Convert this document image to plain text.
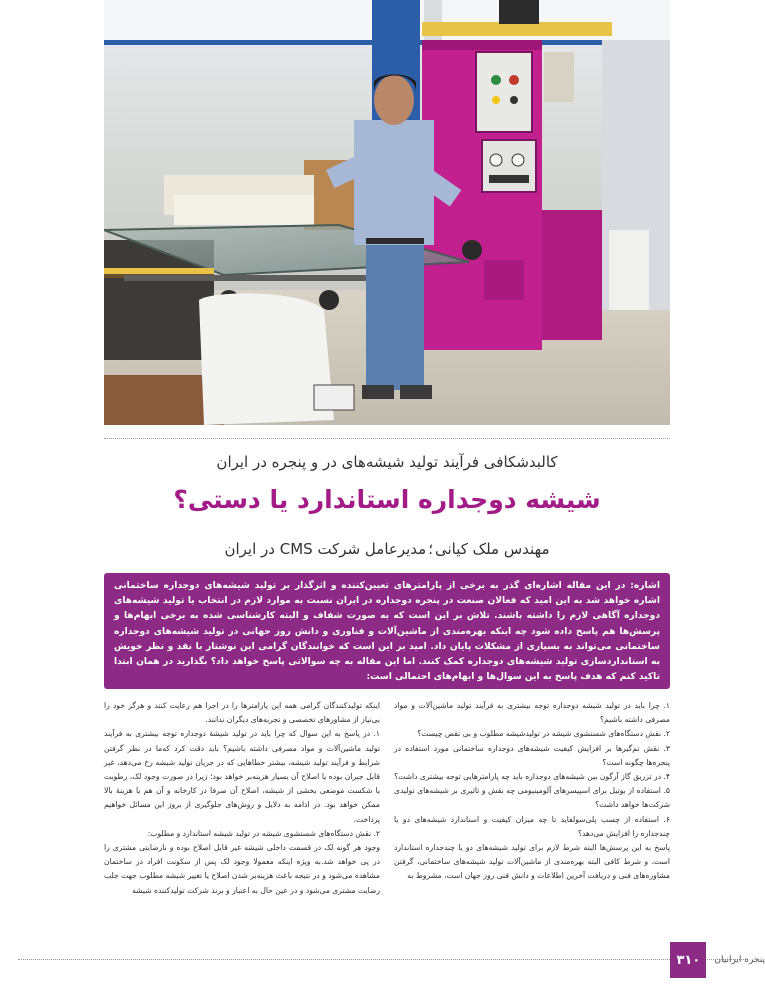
کالبدشکافی فرآیند تولید شیشه‌های در و پنجره در ایران
شیشه دوجداره استاندارد یا دستی؟
مهندس ملک کیانی؛مدیرعامل شرکت CMS در ایران

اشاره: در این مقاله اشاره‌ای گذر به برخی از پارامترهای تعیین‌کننده و اثرگذار بر تولید شیشه‌های دوجداره ساختمانی اشاره خواهد شد به این امید که فعالان صنعت در پنجره دوجداره در ایران نسبت به موارد لازم در انتخاب یا تولید شیشه‌های دوجداره آگاهی لازم را داشته باشند. تلاش بر این است که به صورت شفاف و البته کارشناسی شده به برخی ابهام‌ها و پرسش‌ها هم پاسخ داده شود چه اینکه بهره‌مندی از ماشین‌آلات و فناوری و دانش روز جهانی در تولید شیشه‌های دوجداره ساختمانی می‌تواند به بسیاری از مشکلات پایان داد. امید بر این است که خوانندگان گرامی این نوشتار با نقد و نظر خویش به استانداردسازی تولید شیشه‌های دوجداره کمک کنند. اما این مقاله به چه سوالاتی پاسخ خواهد داد؟ بگذارید در همان ابتدا تاکید کنم که هدف پاسخ به این سوال‌ها و ابهام‌های احتمالی است:

۱. چرا باید در تولید شیشه دوجداره توجه بیشتری به فرآیند تولید ماشین‌آلات و مواد مصرفی داشته باشیم؟

۲. نقش دستگاه‌های شستشوی شیشه در تولیدشیشه مطلوب و بی نقص چیست؟

۳. نقش تم‌گیرها بر افزایش کیفیت شیشه‌های دوجداره ساختمانی مورد استفاده در پنجره‌ها چگونه است؟

۴. در تزریق گاز آرگون بین شیشه‌های دوجداره باید چه پارامترهایی توجه بیشتری داشت؟

۵. استفاده از بوتیل برای اسپیسرهای آلومینیومی چه نقش و تاثیری بر شیشه‌های تولیدی شرکت‌ها خواهد داشت؟

۶. استفاده از چسب پلی‌سولفاید تا چه میزان کیفیت و استاندارد شیشه‌های دو یا چندجداره را افزایش می‌دهد؟

پاسخ به این پرسش‌ها البته شرط لازم برای تولید شیشه‌های دو یا چندجداره استاندارد است، و شرط کافی البته بهره‌مندی از ماشین‌آلات تولید شیشه‌های ساختمانی، گرفتن مشاوره‌های فنی و دریافت آخرین اطلاعات و دانش فنی روز جهان است، مشروط به

اینکه تولیدکنندگان گرامی همه این پارامترها را در اجرا هم رعایت کنند و هرگز خود را بی‌نیاز از مشاورهای تخصصی و تجربه‌های دیگران ندانند.

۱. در پاسخ به این سوال که چرا باید در تولید شیشهٔ دوجداره توجه بیشتری به فرآیند تولید ماشین‌آلات و مواد مصرفی داشته باشیم؟ باید دقت کرد که‌ما در نظر گرفتن شرایط و فرآیند تولید شیشه، بیشتر خطاهایی که در جریان تولید شیشه رخ می‌دهد، غیر قابل جبران بوده یا اصلاح آن بسیار هزینه‌بر خواهد بود؛ زیرا در صورت وجود لک، رطوبت یا شکست موضعی بخشی از شیشه، اصلاح آن صرفا در کارخانه و آن هم با هزینهٔ بالا ممکن خواهد بود. در ادامه به دلایل و روش‌های جلوگیری از بروز این مسائل خواهیم پرداخت.

۲. نقش دستگاه‌های شستشوی شیشه در تولید شیشه استاندارد و مطلوب:

وجود هر گونه لک در قسمت داخلی شیشه غیر قابل اصلاح بوده و نارضایتی مشتری را در پی خواهد شد.به ویژه اینکه معمولا وجود لک پس از سکونت افراد در ساختمان مشاهده می‌شود و در نتیجه باعث هزینه‌بر شدن اصلاح یا تغییر شیشه مطلوب جهت جلب رضایت مشتری می‌شود و در عین حال به اعتبار و برند شرکت تولیدکننده شیشه

پنجره ایرانیان
۳۱۰
